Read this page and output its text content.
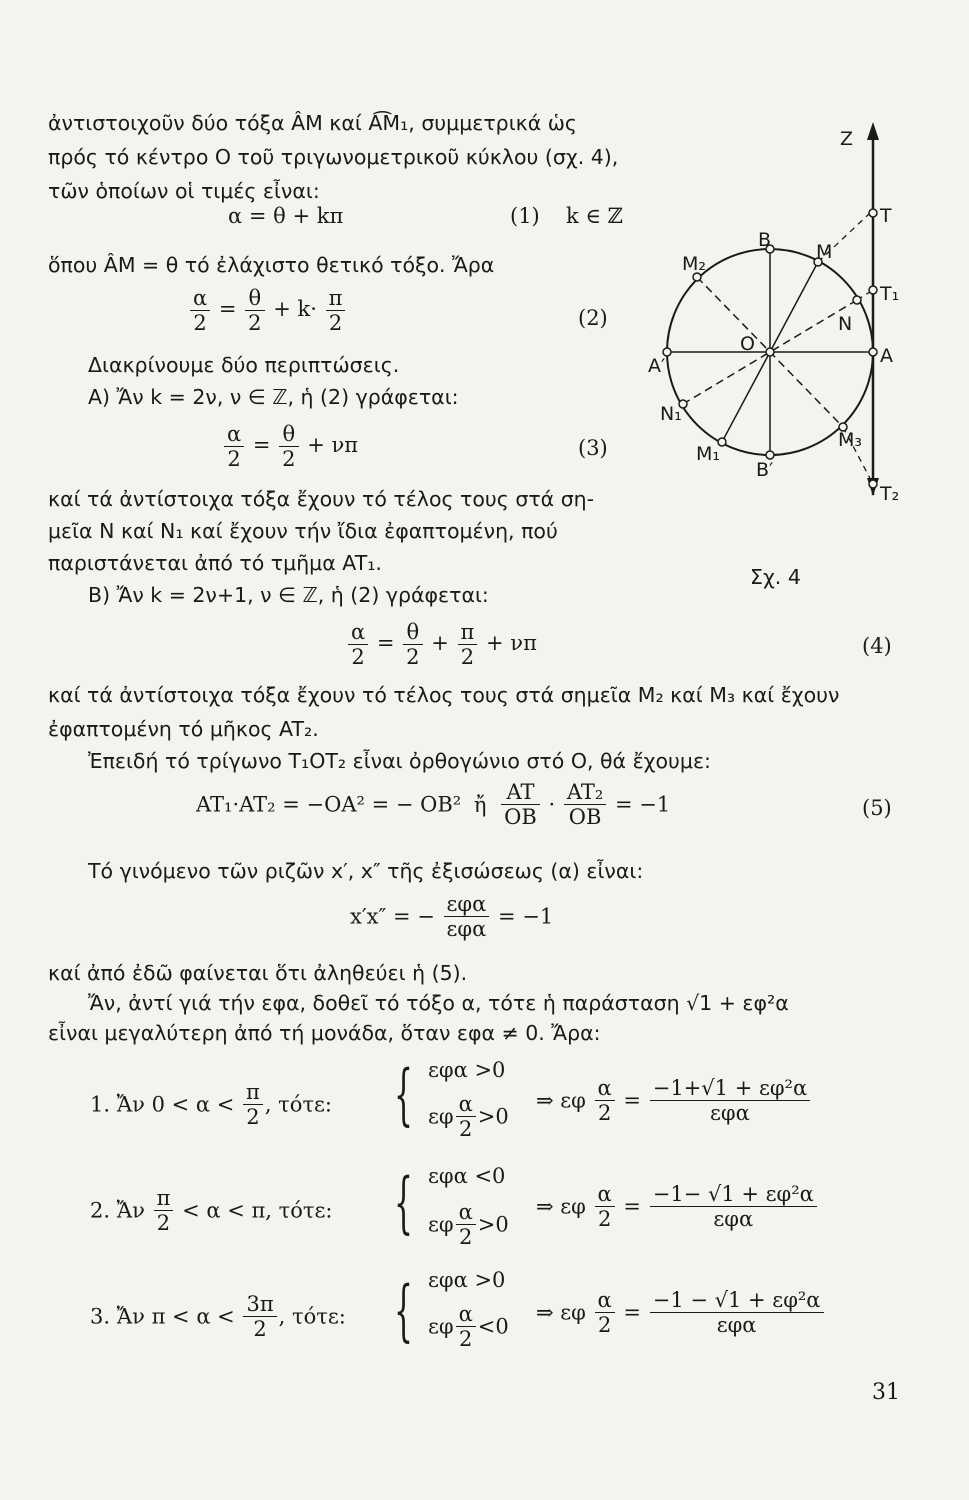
ἀντιστοιχοῦν δύο τόξα ÂM καί A͡M₁, συμμετρικά ὡς
πρός τό κέντρο O τοῦ τριγωνομετρικοῦ κύκλου (σχ. 4),
τῶν ὁποίων οἱ τιμές εἶναι:
α = θ + kπ	(1) k ∈ ℤ
ὅπου ÂM = θ τό ἐλάχιστο θετικό τόξο. Ἄρα
$\frac{\alpha}{2} = \frac{\theta}{2} + k\cdot \frac{\pi}{2}$	(2)
Διακρίνουμε δύο περιπτώσεις.
A) Ἄν k = 2ν, ν ∈ ℤ, ἡ (2) γράφεται:
$\frac{\alpha}{2} = \frac{\theta}{2} + \nu\pi$	(3)
καί τά ἀντίστοιχα τόξα ἔχουν τό τέλος τους στά ση-
μεῖα N καί N₁ καί ἔχουν τήν ἴδια ἐφαπτομένη, πού
παριστάνεται ἀπό τό τμῆμα AT₁.
B) Ἄν k = 2ν+1, ν ∈ ℤ, ἡ (2) γράφεται:
$\frac{\alpha}{2} = \frac{\theta}{2} + \frac{\pi}{2} + \nu\pi$	(4)
καί τά ἀντίστοιχα τόξα ἔχουν τό τέλος τους στά σημεῖα M₂ καί M₃ καί ἔχουν
ἐφαπτομένη τό μῆκος AT₂.
Ἐπειδή τό τρίγωνο T₁OT₂ εἶναι ὀρθογώνιο στό O, θά ἔχουμε:
AT₁·AT₂ = −OA² = − OB² ἤ $\frac{AT}{OB} \cdot \frac{\text{AT₂}}{OB} = -1$	(5)
Τό γινόμενο τῶν ριζῶν x′, x″ τῆς ἐξισώσεως (α) εἶναι:
x′x″ = − $\frac{\text{εφα}}{\text{εφα}} = -1$
καί ἀπό ἐδῶ φαίνεται ὅτι ἀληθεύει ἡ (5).
Ἄν, ἀντί γιά τήν εφα, δοθεῖ τό τόξο α, τότε ἡ παράσταση √1 + εφ²α
εἶναι μεγαλύτερη ἀπό τή μονάδα, ὅταν εφα ≠ 0. Ἄρα:
1. Ἄν $0 < \alpha < \frac{\pi}{2}$ , τότε: { εφα >0
εφ $\frac{\alpha}{2} >0$
⇒ εφ $\frac{\alpha}{2} = \frac{\text{−1+√1 + εφ²α}}{\text{εφα}}$
2. Ἄν $\frac{\pi}{2} < \alpha < \pi$, τότε: { εφα <0
εφ $\frac{\alpha}{2} >0$
⇒ εφ $\frac{\alpha}{2} = \frac{\text{−1− √1 + εφ²α}}{\text{εφα}}$
3. Ἄν $\pi < \alpha < \frac{3\pi}{2}$ , τότε: { εφα >0
εφ $\frac{\alpha}{2} <0$
⇒ εφ $\frac{\alpha}{2} = \frac{\text{−1 − √1 + εφ²α}}{\text{εφα}}$
Z
T
T₁
T₂
A
A′
B
B′
O
M
M₁
M₂
M₃
N
N₁
Σχ. 4
31
